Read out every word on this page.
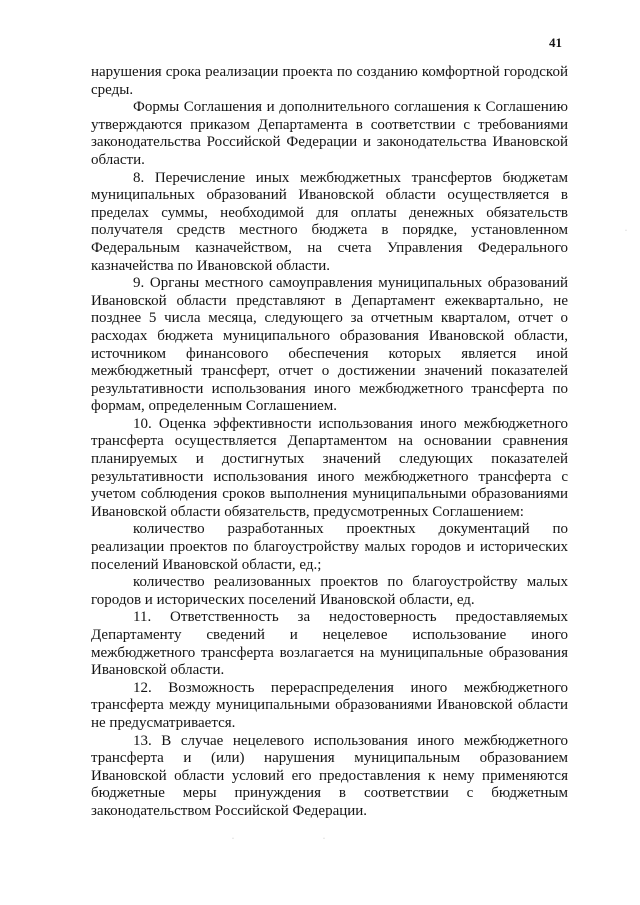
41

нарушения срока реализации проекта по созданию комфортной городской среды.

Формы Соглашения и дополнительного соглашения к Соглашению утверждаются приказом Департамента в соответствии с требованиями законодательства Российской Федерации и законодательства Ивановской области.

8. Перечисление иных межбюджетных трансфертов бюджетам муниципальных образований Ивановской области осуществляется в пределах суммы, необходимой для оплаты денежных обязательств получателя средств местного бюджета в порядке, установленном Федеральным казначейством, на счета Управления Федерального казначейства по Ивановской области.

9. Органы местного самоуправления муниципальных образований Ивановской области представляют в Департамент ежеквартально, не позднее 5 числа месяца, следующего за отчетным кварталом, отчет о расходах бюджета муниципального образования Ивановской области, источником финансового обеспечения которых является иной межбюджетный трансферт, отчет о достижении значений показателей результативности использования иного межбюджетного трансферта по формам, определенным Соглашением.

10. Оценка эффективности использования иного межбюджетного трансферта осуществляется Департаментом на основании сравнения планируемых и достигнутых значений следующих показателей результативности использования иного межбюджетного трансферта с учетом соблюдения сроков выполнения муниципальными образованиями Ивановской области обязательств, предусмотренных Соглашением:

количество разработанных проектных документаций по реализации проектов по благоустройству малых городов и исторических поселений Ивановской области, ед.;

количество реализованных проектов по благоустройству малых городов и исторических поселений Ивановской области, ед.

11. Ответственность за недостоверность предоставляемых Департаменту сведений и нецелевое использование иного межбюджетного трансферта возлагается на муниципальные образования Ивановской области.

12. Возможность перераспределения иного межбюджетного трансферта между муниципальными образованиями Ивановской области не предусматривается.

13. В случае нецелевого использования иного межбюджетного трансферта и (или) нарушения муниципальным образованием Ивановской области условий его предоставления к нему применяются бюджетные меры принуждения в соответствии с бюджетным законодательством Российской Федерации.

·
·	·
